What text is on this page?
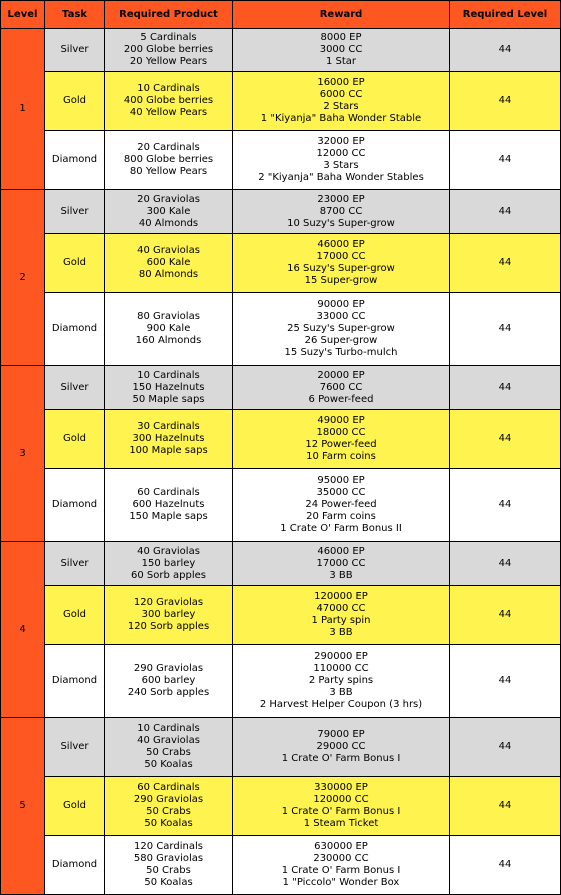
Level	Task	Required Product	Reward	Required Level
1	Silver	5 Cardinals
200 Globe berries
20 Yellow Pears	8000 EP
3000 CC
1 Star	44
	Gold	10 Cardinals
400 Globe berries
40 Yellow Pears	16000 EP
6000 CC
2 Stars
1 "Kiyanja" Baha Wonder Stable	44
	Diamond	20 Cardinals
800 Globe berries
80 Yellow Pears	32000 EP
12000 CC
3 Stars
2 "Kiyanja" Baha Wonder Stables	44
2	Silver	20 Graviolas
300 Kale
40 Almonds	23000 EP
8700 CC
10 Suzy's Super-grow	44
	Gold	40 Graviolas
600 Kale
80 Almonds	46000 EP
17000 CC
16 Suzy's Super-grow
15 Super-grow	44
	Diamond	80 Graviolas
900 Kale
160 Almonds	90000 EP
33000 CC
25 Suzy's Super-grow
26 Super-grow
15 Suzy's Turbo-mulch	44
3	Silver	10 Cardinals
150 Hazelnuts
50 Maple saps	20000 EP
7600 CC
6 Power-feed	44
	Gold	30 Cardinals
300 Hazelnuts
100 Maple saps	49000 EP
18000 CC
12 Power-feed
10 Farm coins	44
	Diamond	60 Cardinals
600 Hazelnuts
150 Maple saps	95000 EP
35000 CC
24 Power-feed
20 Farm coins
1 Crate O' Farm Bonus II	44
4	Silver	40 Graviolas
150 barley
60 Sorb apples	46000 EP
17000 CC
3 BB	44
	Gold	120 Graviolas
300 barley
120 Sorb apples	120000 EP
47000 CC
1 Party spin
3 BB	44
	Diamond	290 Graviolas
600 barley
240 Sorb apples	290000 EP
110000 CC
2 Party spins
3 BB
2 Harvest Helper Coupon (3 hrs)	44
5	Silver	10 Cardinals
40 Graviolas
50 Crabs
50 Koalas	79000 EP
29000 CC
1 Crate O' Farm Bonus I	44
	Gold	60 Cardinals
290 Graviolas
50 Crabs
50 Koalas	330000 EP
120000 CC
1 Crate O' Farm Bonus I
1 Steam Ticket	44
	Diamond	120 Cardinals
580 Graviolas
50 Crabs
50 Koalas	630000 EP
230000 CC
1 Crate O' Farm Bonus I
1 "Piccolo" Wonder Box	44
